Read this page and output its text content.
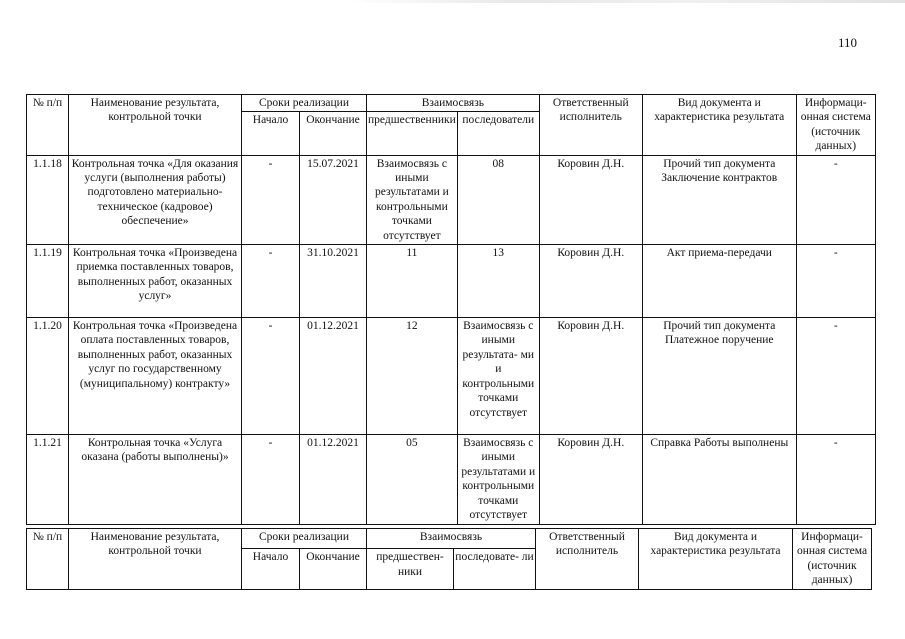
110
№ п/п	Наименование результата, контрольной точки	Сроки реализации		Взаимосвязь		Ответственный исполнитель	Вид документа и характеристика результата	Информаци- онная система (источник данных)
		Начало	Окончание	предшественники	последователи			
1.1.18	Контрольная точка «Для оказания услуги (выполнения работы) подготовлено материально-техническое (кадровое) обеспечение»	-	15.07.2021	Взаимосвязь с иными результатами и контрольными точками отсутствует	08	Коровин Д.Н.	Прочий тип документа Заключение контрактов	-
1.1.19	Контрольная точка «Произведена приемка поставленных товаров, выполненных работ, оказанных услуг»	-	31.10.2021	11	13	Коровин Д.Н.	Акт приема-передачи	-
1.1.20	Контрольная точка «Произведена оплата поставленных товаров, выполненных работ, оказанных услуг по государственному (муниципальному) контракту»	-	01.12.2021	12	Взаимосвязь с иными результата- ми и контрольными точками отсутствует	Коровин Д.Н.	Прочий тип документа Платежное поручение	-
1.1.21	Контрольная точка «Услуга оказана (работы выполнены)»	-	01.12.2021	05	Взаимосвязь с иными результатами и контрольными точками отсутствует	Коровин Д.Н.	Справка Работы выполнены	-
№ п/п	Наименование результата, контрольной точки	Сроки реализации		Взаимосвязь		Ответственный исполнитель	Вид документа и характеристика результата	Информаци- онная система (источник данных)
		Начало	Окончание	предшествен- ники	последовате- ли			
